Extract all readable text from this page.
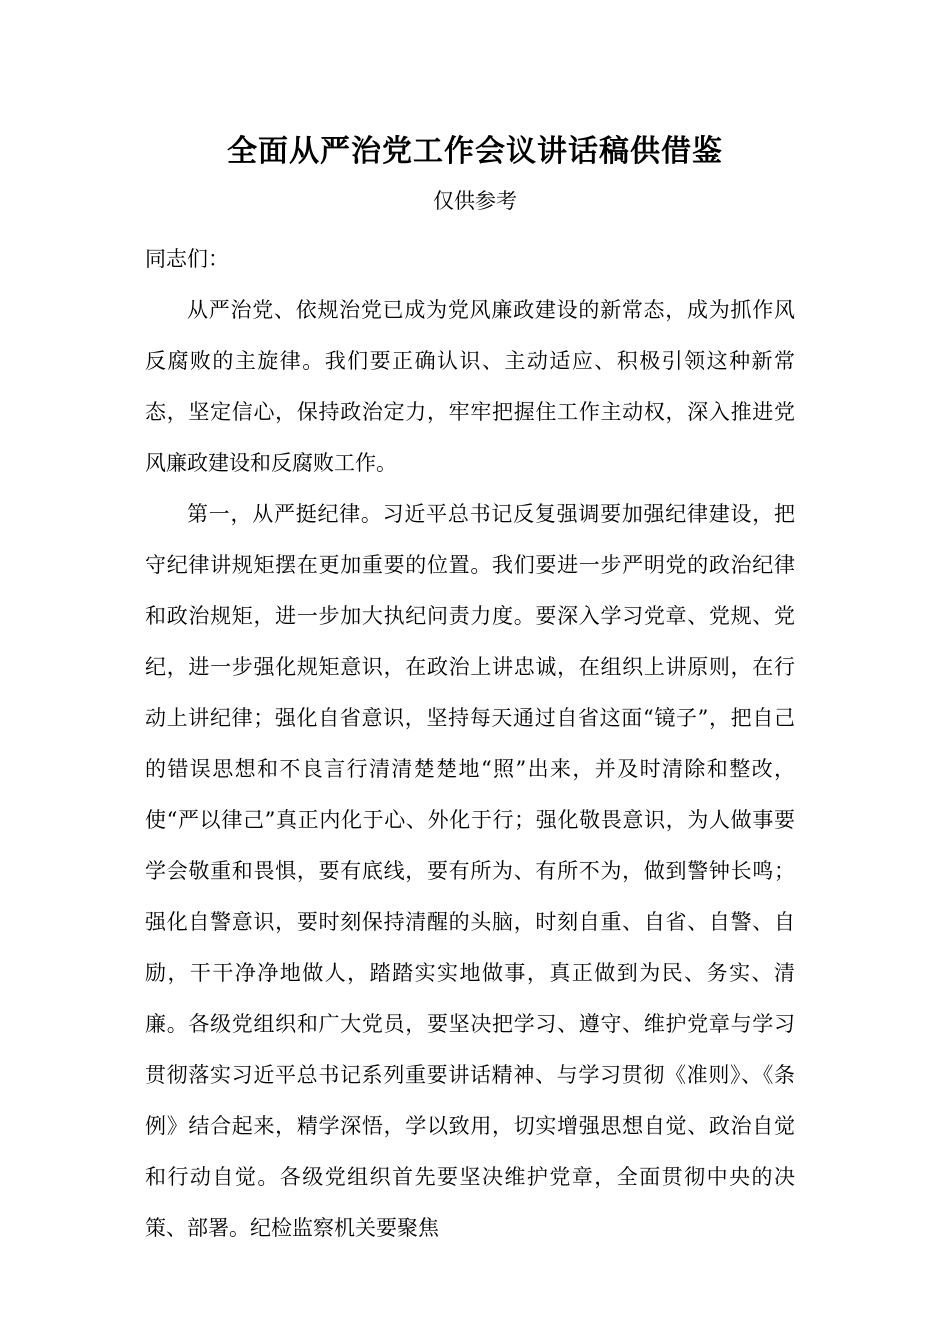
全面从严治党工作会议讲话稿供借鉴
仅供参考

同志们：

从严治党、依规治党已成为党风廉政建设的新常态，成为抓作风反腐败的主旋律。我们要正确认识、主动适应、积极引领这种新常态，坚定信心，保持政治定力，牢牢把握住工作主动权，深入推进党风廉政建设和反腐败工作。

第一，从严挺纪律。习近平总书记反复强调要加强纪律建设，把守纪律讲规矩摆在更加重要的位置。我们要进一步严明党的政治纪律和政治规矩，进一步加大执纪问责力度。要深入学习党章、党规、党纪，进一步强化规矩意识，在政治上讲忠诚，在组织上讲原则，在行动上讲纪律；强化自省意识，坚持每天通过自省这面“镜子”，把自己的错误思想和不良言行清清楚楚地“照”出来，并及时清除和整改，使“严以律己”真正内化于心、外化于行；强化敬畏意识，为人做事要学会敬重和畏惧，要有底线，要有所为、有所不为，做到警钟长鸣；强化自警意识，要时刻保持清醒的头脑，时刻自重、自省、自警、自励，干干净净地做人，踏踏实实地做事，真正做到为民、务实、清廉。各级党组织和广大党员，要坚决把学习、遵守、维护党章与学习贯彻落实习近平总书记系列重要讲话精神、与学习贯彻《准则》、《条例》结合起来，精学深悟，学以致用，切实增强思想自觉、政治自觉和行动自觉。各级党组织首先要坚决维护党章，全面贯彻中央的决策、部署。纪检监察机关要聚焦
